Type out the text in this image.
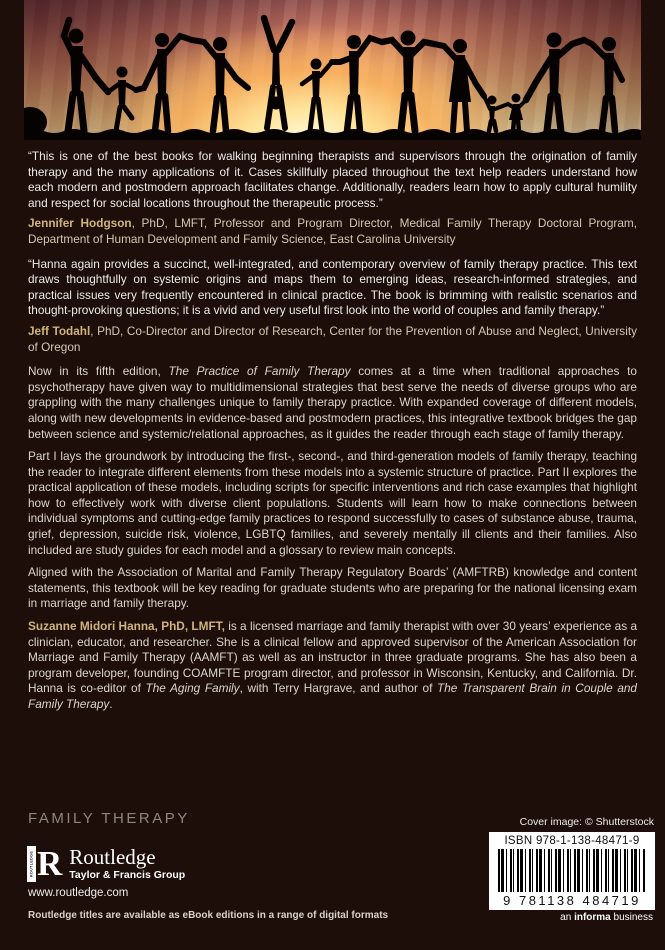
“This is one of the best books for walking beginning therapists and supervisors through the origination of family therapy and the many applications of it. Cases skillfully placed throughout the text help readers understand how each modern and postmodern approach facilitates change. Additionally, readers learn how to apply cultural humility and respect for social locations throughout the therapeutic process.”

Jennifer Hodgson, PhD, LMFT, Professor and Program Director, Medical Family Therapy Doctoral Program, Department of Human Development and Family Science, East Carolina University

“Hanna again provides a succinct, well-integrated, and contemporary overview of family therapy practice. This text draws thoughtfully on systemic origins and maps them to emerging ideas, research-informed strategies, and practical issues very frequently encountered in clinical practice. The book is brimming with realistic scenarios and thought-provoking questions; it is a vivid and very useful first look into the world of couples and family therapy.”

Jeff Todahl, PhD, Co-Director and Director of Research, Center for the Prevention of Abuse and Neglect, University of Oregon

Now in its fifth edition, The Practice of Family Therapy comes at a time when traditional approaches to psychotherapy have given way to multidimensional strategies that best serve the needs of diverse groups who are grappling with the many challenges unique to family therapy practice. With expanded coverage of different models, along with new developments in evidence-based and postmodern practices, this integrative textbook bridges the gap between science and systemic/relational approaches, as it guides the reader through each stage of family therapy.

Part I lays the groundwork by introducing the first-, second-, and third-generation models of family therapy, teaching the reader to integrate different elements from these models into a systemic structure of practice. Part II explores the practical application of these models, including scripts for specific interventions and rich case examples that highlight how to effectively work with diverse client populations. Students will learn how to make connections between individual symptoms and cutting-edge family practices to respond successfully to cases of substance abuse, trauma, grief, depression, suicide risk, violence, LGBTQ families, and severely mentally ill clients and their families. Also included are study guides for each model and a glossary to review main concepts.

Aligned with the Association of Marital and Family Therapy Regulatory Boards’ (AMFTRB) knowledge and content statements, this textbook will be key reading for graduate students who are preparing for the national licensing exam in marriage and family therapy.

Suzanne Midori Hanna, PhD, LMFT, is a licensed marriage and family therapist with over 30 years’ experience as a clinician, educator, and researcher. She is a clinical fellow and approved supervisor of the American Association for Marriage and Family Therapy (AAMFT) as well as an instructor in three graduate programs. She has also been a program developer, founding COAMFTE program director, and professor in Wisconsin, Kentucky, and California. Dr. Hanna is co-editor of The Aging Family, with Terry Hargrave, and author of The Transparent Brain in Couple and Family Therapy.

FAMILY THERAPY	Cover image: © Shutterstock
ISBN 978-1-138-48471-9
9 781138 484719
ROUTLEDGE R Routledge
Taylor & Francis Group
www.routledge.com
Routledge titles are available as eBook editions in a range of digital formats	an informa business
